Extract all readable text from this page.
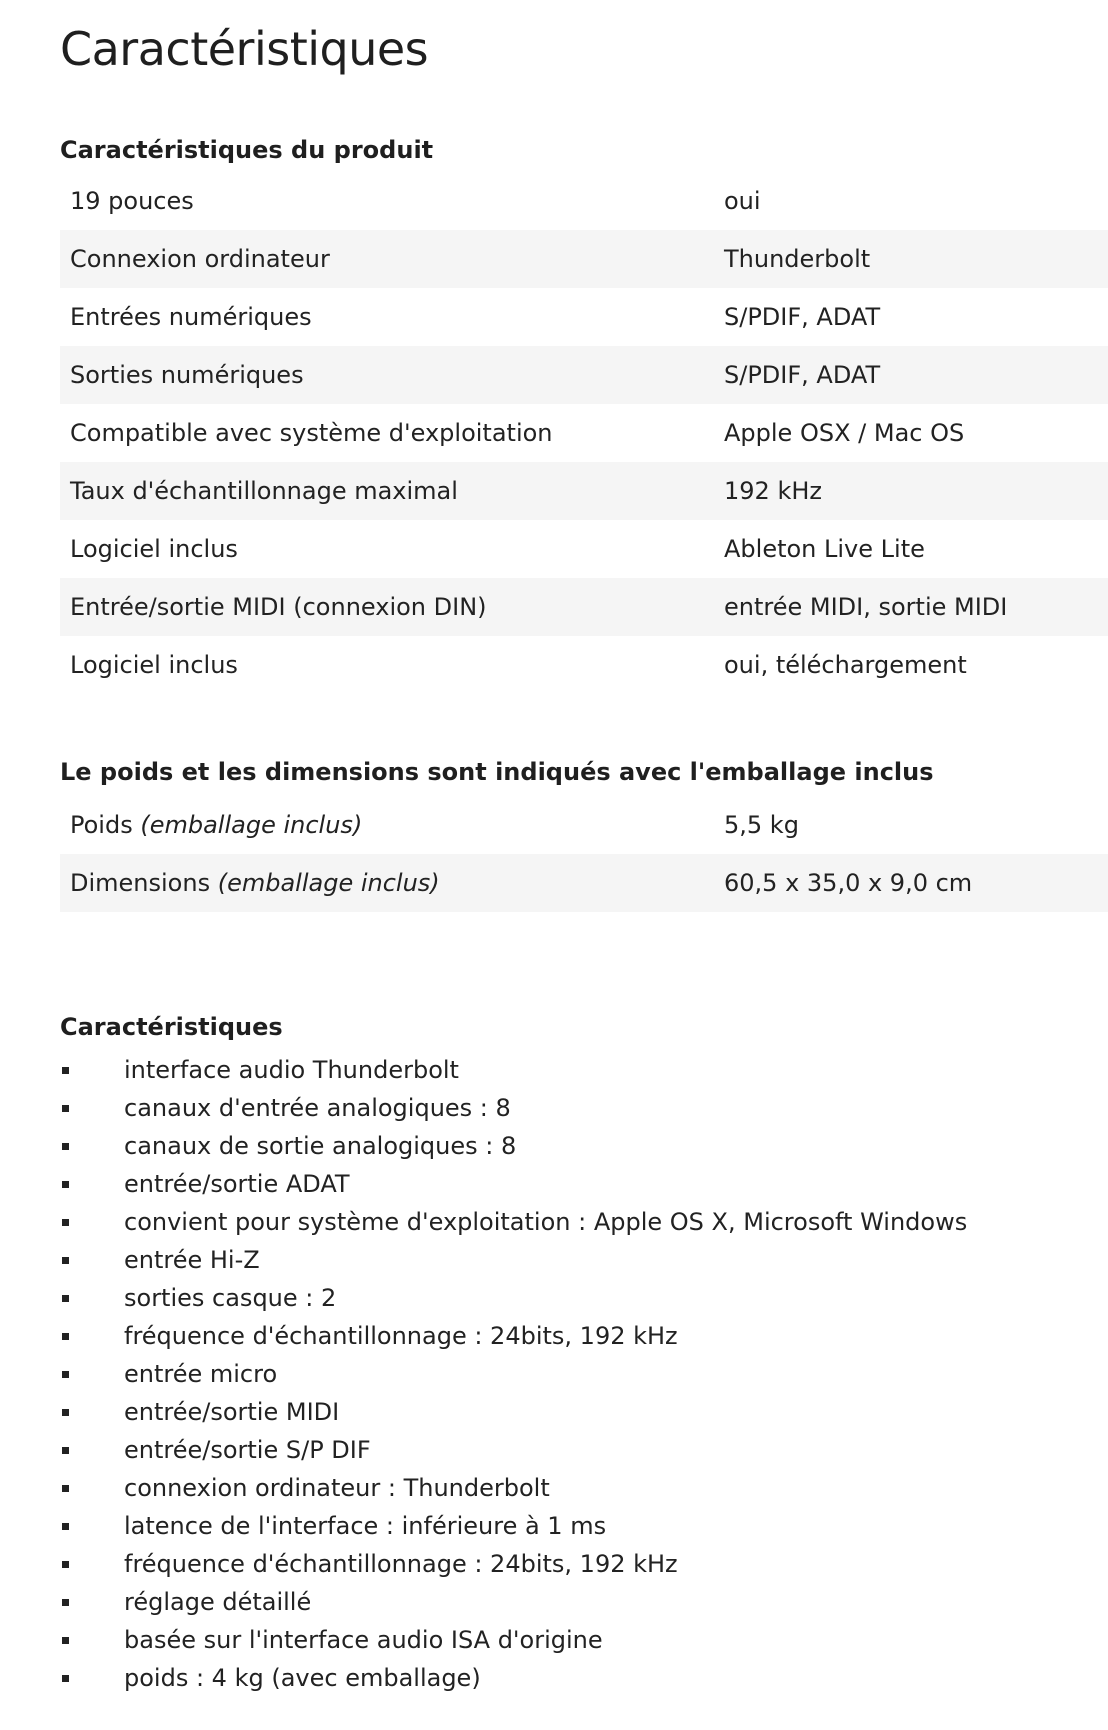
Caractéristiques
Caractéristiques du produit
19 pouces	oui
Connexion ordinateur	Thunderbolt
Entrées numériques	S/PDIF, ADAT
Sorties numériques	S/PDIF, ADAT
Compatible avec système d'exploitation	Apple OSX / Mac OS
Taux d'échantillonnage maximal	192 kHz
Logiciel inclus	Ableton Live Lite
Entrée/sortie MIDI (connexion DIN)	entrée MIDI, sortie MIDI
Logiciel inclus	oui, téléchargement
Le poids et les dimensions sont indiqués avec l'emballage inclus
Poids (emballage inclus)	5,5 kg
Dimensions (emballage inclus)	60,5 x 35,0 x 9,0 cm
Caractéristiques
interface audio Thunderbolt
canaux d'entrée analogiques : 8
canaux de sortie analogiques : 8
entrée/sortie ADAT
convient pour système d'exploitation : Apple OS X, Microsoft Windows
entrée Hi-Z
sorties casque : 2
fréquence d'échantillonnage : 24bits, 192 kHz
entrée micro
entrée/sortie MIDI
entrée/sortie S/P DIF
connexion ordinateur : Thunderbolt
latence de l'interface : inférieure à 1 ms
fréquence d'échantillonnage : 24bits, 192 kHz
réglage détaillé
basée sur l'interface audio ISA d'origine
poids : 4 kg (avec emballage)
